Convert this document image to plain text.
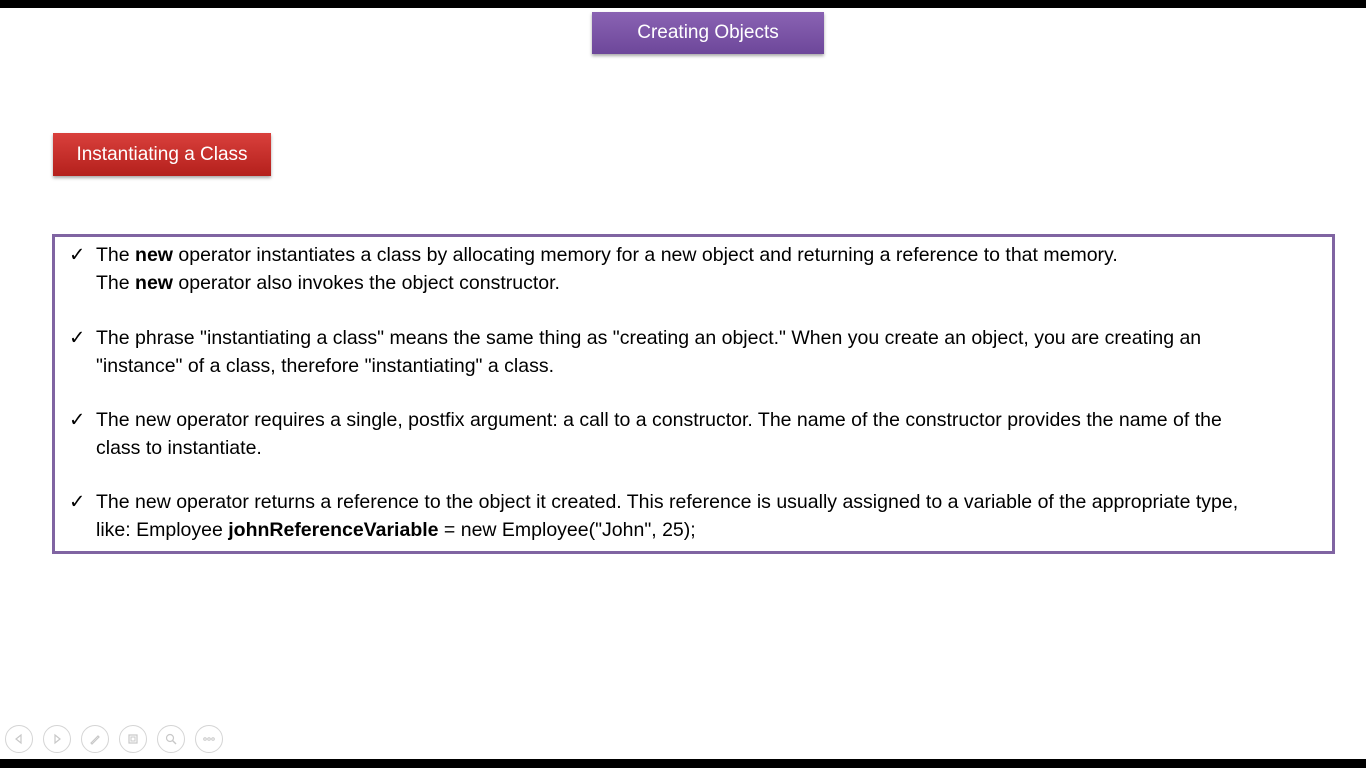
Creating Objects
Instantiating a Class
✓ The new operator instantiates a class by allocating memory for a new object and returning a reference to that memory.

The new operator also invokes the object constructor.

✓ The phrase "instantiating a class" means the same thing as "creating an object." When you create an object, you are creating an

"instance" of a class, therefore "instantiating" a class.

✓ The new operator requires a single, postfix argument: a call to a constructor. The name of the constructor provides the name of the

class to instantiate.

✓ The new operator returns a reference to the object it created. This reference is usually assigned to a variable of the appropriate type,

like: Employee johnReferenceVariable = new Employee("John", 25);
